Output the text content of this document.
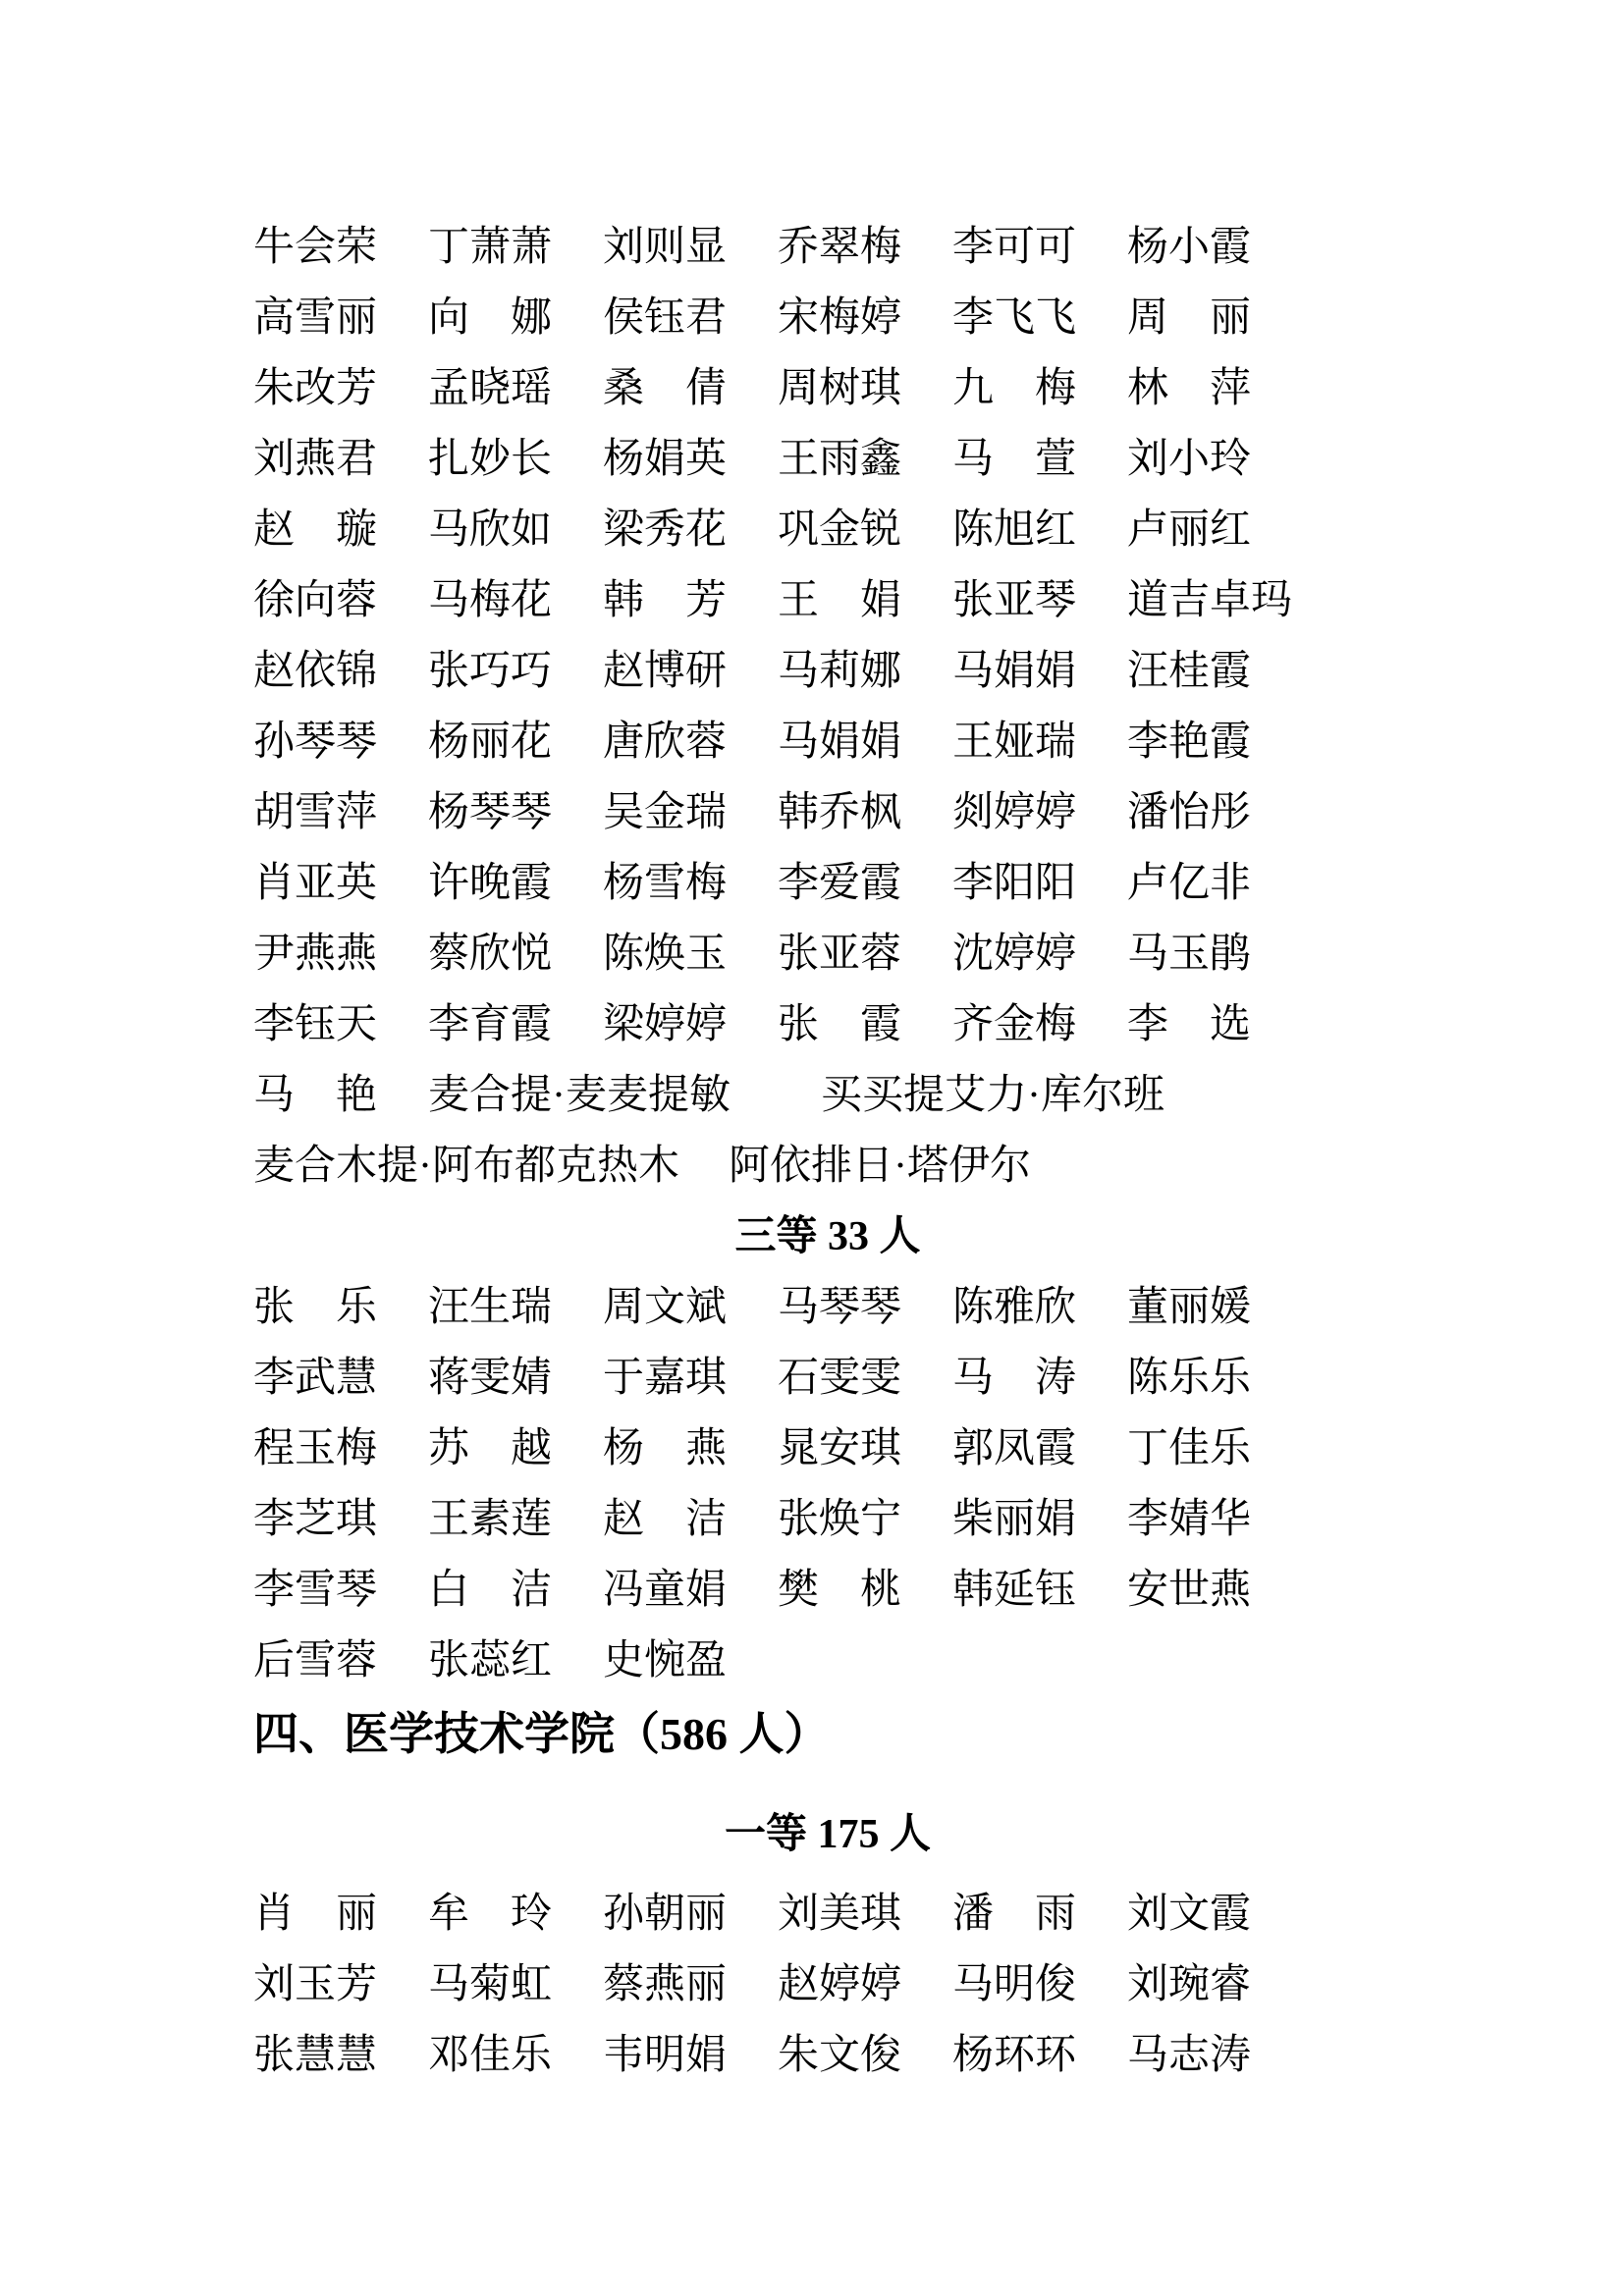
牛会荣 丁萧萧 刘则显 乔翠梅 李可可 杨小霞
高雪丽 向　娜 侯钰君 宋梅婷 李飞飞 周　丽
朱改芳 孟晓瑶 桑　倩 周树琪 九　梅 林　萍
刘燕君 扎妙长 杨娟英 王雨鑫 马　萱 刘小玲
赵　璇 马欣如 梁秀花 巩金锐 陈旭红 卢丽红
徐向蓉 马梅花 韩　芳 王　娟 张亚琴 道吉卓玛
赵依锦 张巧巧 赵博研 马莉娜 马娟娟 汪桂霞
孙琴琴 杨丽花 唐欣蓉 马娟娟 王娅瑞 李艳霞
胡雪萍 杨琴琴 吴金瑞 韩乔枫 剡婷婷 潘怡彤
肖亚英 许晚霞 杨雪梅 李爱霞 李阳阳 卢亿非
尹燕燕 蔡欣悦 陈焕玉 张亚蓉 沈婷婷 马玉鹃
李钰天 李育霞 梁婷婷 张　霞 齐金梅 李　选
马　艳 麦合提·麦麦提敏 买买提艾力·库尔班
麦合木提·阿布都克热木 阿依排日·塔伊尔
三等 33 人
张　乐 汪生瑞 周文斌 马琴琴 陈雅欣 董丽媛
李武慧 蒋雯婧 于嘉琪 石雯雯 马　涛 陈乐乐
程玉梅 苏　越 杨　燕 晁安琪 郭凤霞 丁佳乐
李芝琪 王素莲 赵　洁 张焕宁 柴丽娟 李婧华
李雪琴 白　洁 冯童娟 樊　桃 韩延钰 安世燕
后雪蓉 张蕊红 史惋盈
四、医学技术学院（586 人）
一等 175 人
肖　丽 牟　玲 孙朝丽 刘美琪 潘　雨 刘文霞
刘玉芳 马菊虹 蔡燕丽 赵婷婷 马明俊 刘琬睿
张慧慧 邓佳乐 韦明娟 朱文俊 杨环环 马志涛
